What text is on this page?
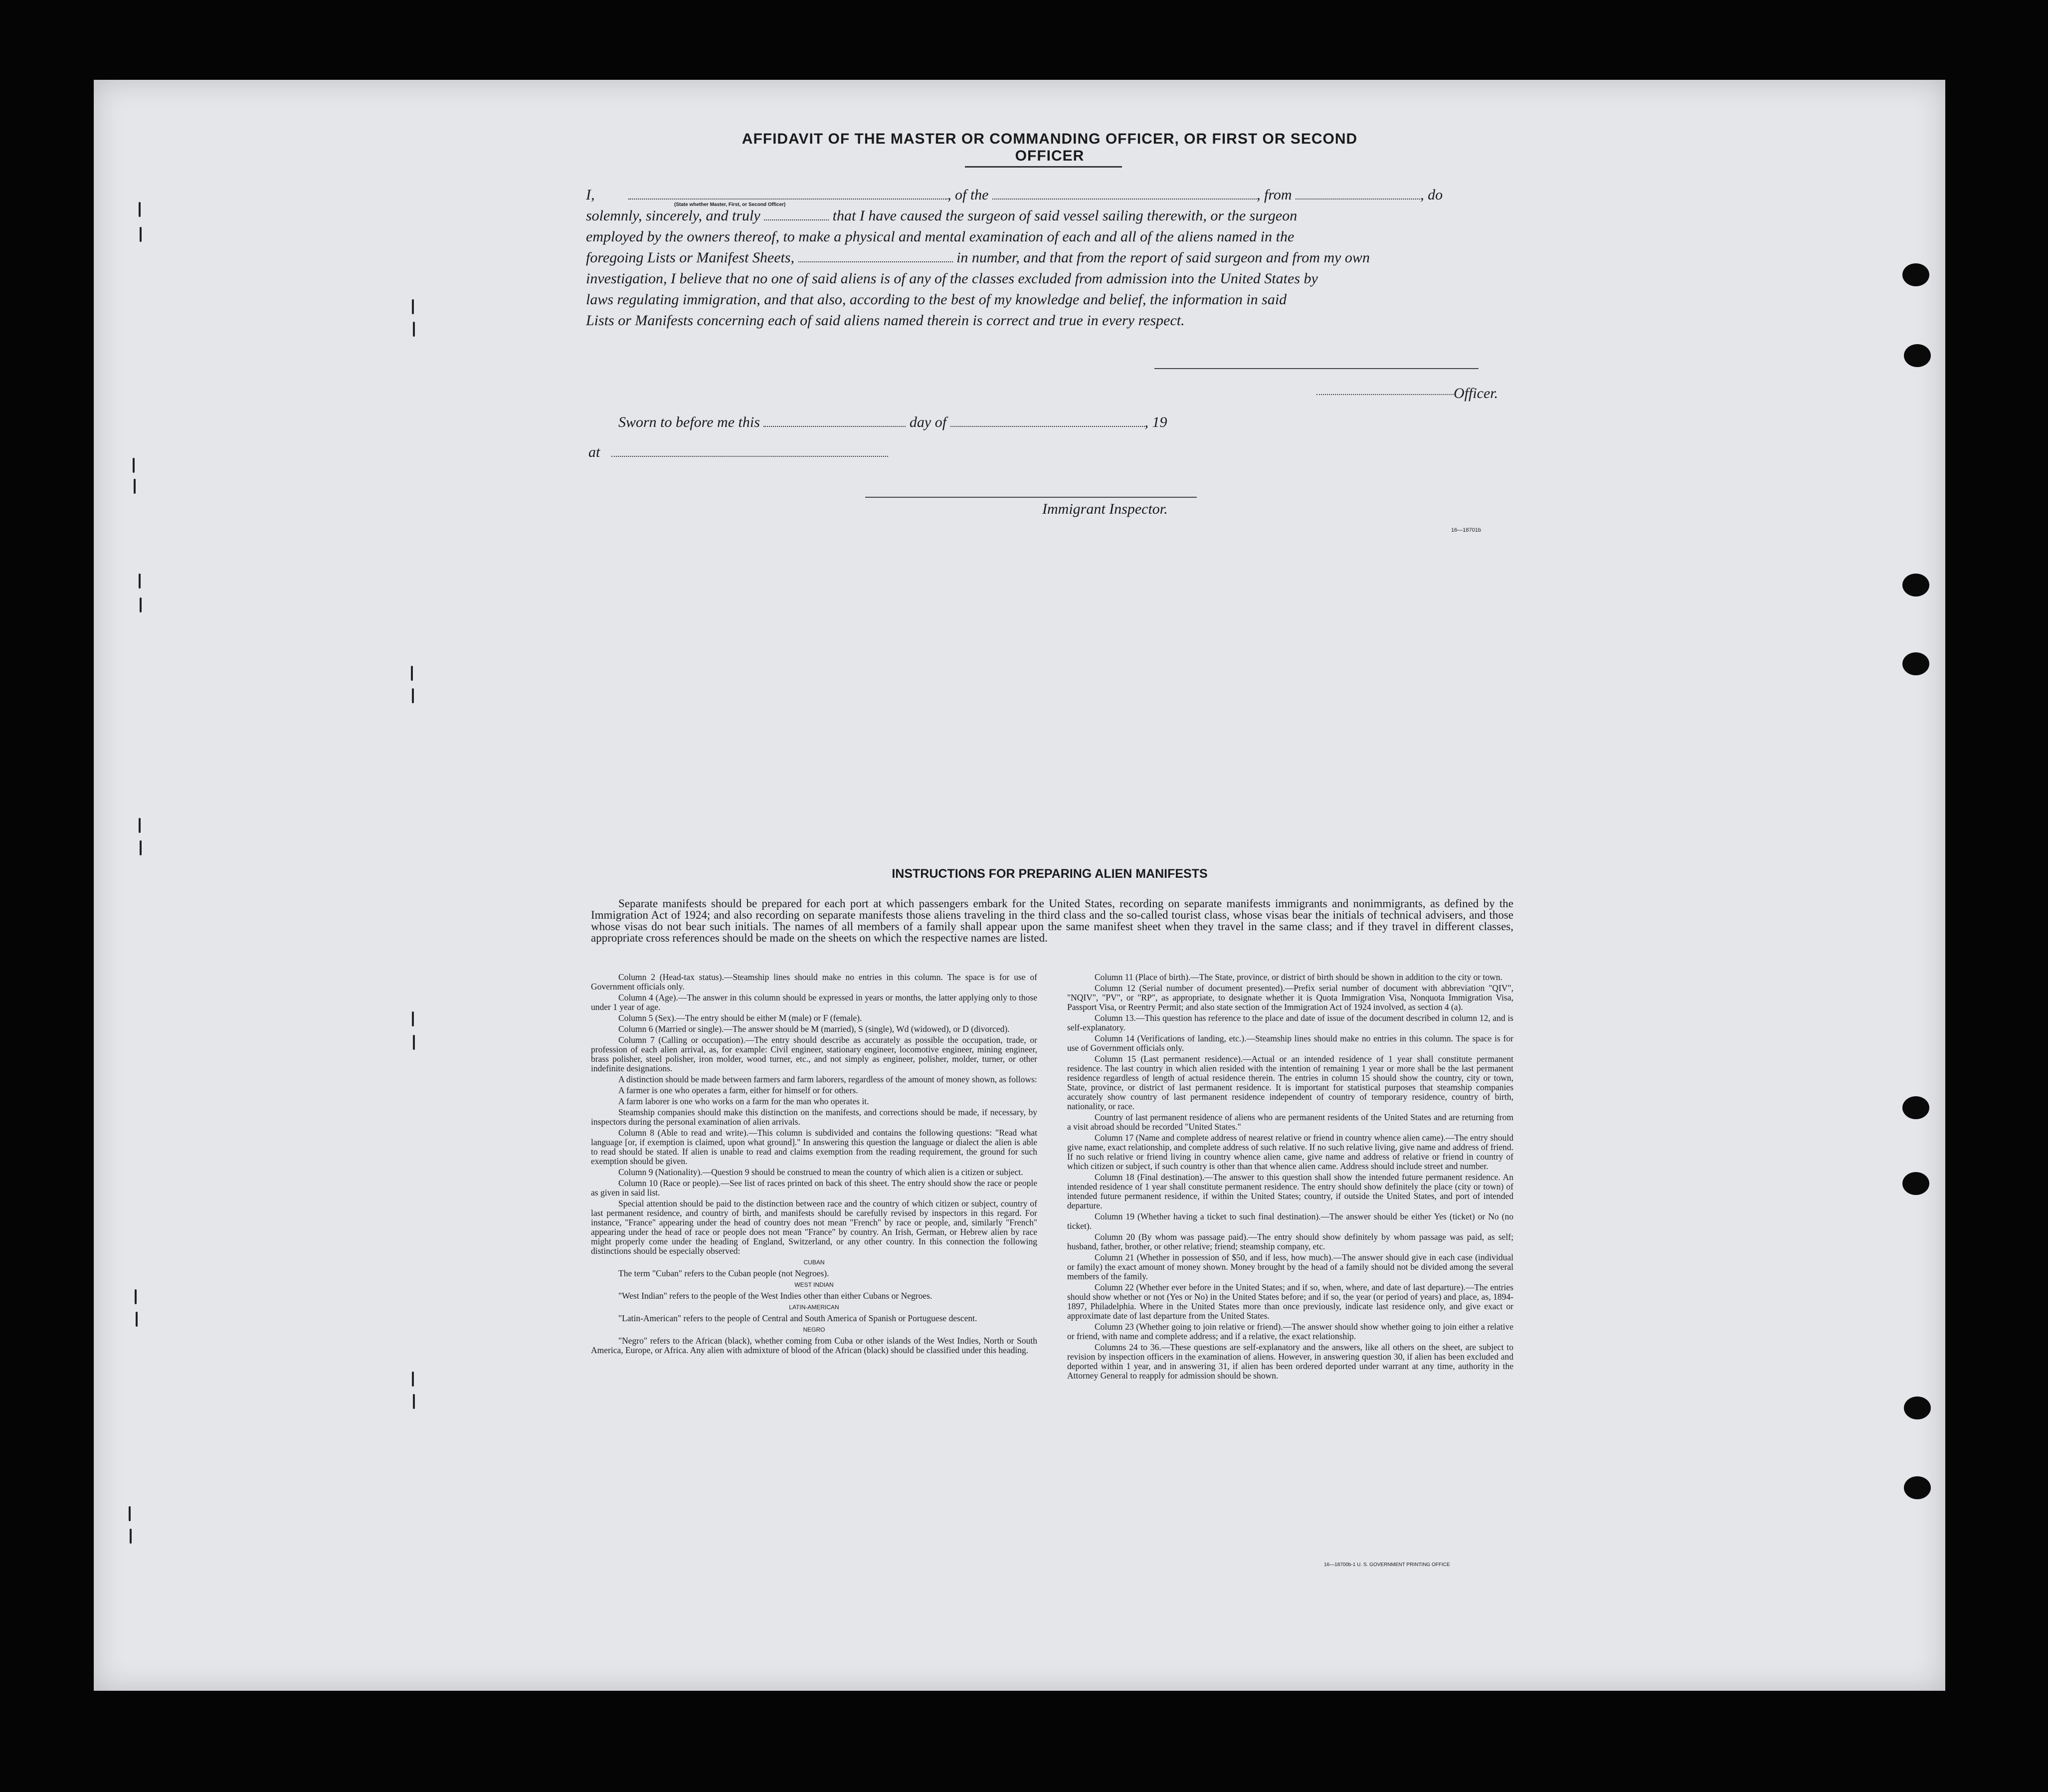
AFFIDAVIT OF THE MASTER OR COMMANDING OFFICER, OR FIRST OR SECOND OFFICER

I,	, of the	, from	, do

solemnly, sincerely, and truly	that I have caused the surgeon of said vessel sailing therewith, or the surgeon

employed by the owners thereof, to make a physical and mental examination of each and all of the aliens named in the

foregoing Lists or Manifest Sheets,	in number, and that from the report of said surgeon and from my own

investigation, I believe that no one of said aliens is of any of the classes excluded from admission into the United States by

laws regulating immigration, and that also, according to the best of my knowledge and belief, the information in said

Lists or Manifests concerning each of said aliens named therein is correct and true in every respect.

(State whether Master, First, or Second Officer)
Officer.
Sworn to before me this	day of	, 19
at
Immigrant Inspector.
16—18701b
INSTRUCTIONS FOR PREPARING ALIEN MANIFESTS
Separate manifests should be prepared for each port at which passengers embark for the United States, recording on separate manifests immigrants and nonimmigrants, as defined by the Immigration Act of 1924; and also recording on separate manifests those aliens traveling in the third class and the so-called tourist class, whose visas bear the initials of technical advisers, and those whose visas do not bear such initials. The names of all members of a family shall appear upon the same manifest sheet when they travel in the same class; and if they travel in different classes, appropriate cross references should be made on the sheets on which the respective names are listed.

Column 2 (Head-tax status).—Steamship lines should make no entries in this column. The space is for use of Government officials only.

Column 4 (Age).—The answer in this column should be expressed in years or months, the latter applying only to those under 1 year of age.

Column 5 (Sex).—The entry should be either M (male) or F (female).

Column 6 (Married or single).—The answer should be M (married), S (single), Wd (widowed), or D (divorced).

Column 7 (Calling or occupation).—The entry should describe as accurately as possible the occupation, trade, or profession of each alien arrival, as, for example: Civil engineer, stationary engineer, locomotive engineer, mining engineer, brass polisher, steel polisher, iron molder, wood turner, etc., and not simply as engineer, polisher, molder, turner, or other indefinite designations.

A distinction should be made between farmers and farm laborers, regardless of the amount of money shown, as follows:

A farmer is one who operates a farm, either for himself or for others.

A farm laborer is one who works on a farm for the man who operates it.

Steamship companies should make this distinction on the manifests, and corrections should be made, if necessary, by inspectors during the personal examination of alien arrivals.

Column 8 (Able to read and write).—This column is subdivided and contains the following questions: "Read what language [or, if exemption is claimed, upon what ground]." In answering this question the language or dialect the alien is able to read should be stated. If alien is unable to read and claims exemption from the reading requirement, the ground for such exemption should be given.

Column 9 (Nationality).—Question 9 should be construed to mean the country of which alien is a citizen or subject.

Column 10 (Race or people).—See list of races printed on back of this sheet. The entry should show the race or people as given in said list.

Special attention should be paid to the distinction between race and the country of which citizen or subject, country of last permanent residence, and country of birth, and manifests should be carefully revised by inspectors in this regard. For instance, "France" appearing under the head of country does not mean "French" by race or people, and, similarly "French" appearing under the head of race or people does not mean "France" by country. An Irish, German, or Hebrew alien by race might properly come under the heading of England, Switzerland, or any other country. In this connection the following distinctions should be especially observed:

CUBAN

The term "Cuban" refers to the Cuban people (not Negroes).

WEST INDIAN

"West Indian" refers to the people of the West Indies other than either Cubans or Negroes.

LATIN-AMERICAN

"Latin-American" refers to the people of Central and South America of Spanish or Portuguese descent.

NEGRO

"Negro" refers to the African (black), whether coming from Cuba or other islands of the West Indies, North or South America, Europe, or Africa. Any alien with admixture of blood of the African (black) should be classified under this heading.

Column 11 (Place of birth).—The State, province, or district of birth should be shown in addition to the city or town.

Column 12 (Serial number of document presented).—Prefix serial number of document with abbreviation "QIV", "NQIV", "PV", or "RP", as appropriate, to designate whether it is Quota Immigration Visa, Nonquota Immigration Visa, Passport Visa, or Reentry Permit; and also state section of the Immigration Act of 1924 involved, as section 4 (a).

Column 13.—This question has reference to the place and date of issue of the document described in column 12, and is self-explanatory.

Column 14 (Verifications of landing, etc.).—Steamship lines should make no entries in this column. The space is for use of Government officials only.

Column 15 (Last permanent residence).—Actual or an intended residence of 1 year shall constitute permanent residence. The last country in which alien resided with the intention of remaining 1 year or more shall be the last permanent residence regardless of length of actual residence therein. The entries in column 15 should show the country, city or town, State, province, or district of last permanent residence. It is important for statistical purposes that steamship companies accurately show country of last permanent residence independent of country of temporary residence, country of birth, nationality, or race.

Country of last permanent residence of aliens who are permanent residents of the United States and are returning from a visit abroad should be recorded "United States."

Column 17 (Name and complete address of nearest relative or friend in country whence alien came).—The entry should give name, exact relationship, and complete address of such relative. If no such relative living, give name and address of friend. If no such relative or friend living in country whence alien came, give name and address of relative or friend in country of which citizen or subject, if such country is other than that whence alien came. Address should include street and number.

Column 18 (Final destination).—The answer to this question shall show the intended future permanent residence. An intended residence of 1 year shall constitute permanent residence. The entry should show definitely the place (city or town) of intended future permanent residence, if within the United States; country, if outside the United States, and port of intended departure.

Column 19 (Whether having a ticket to such final destination).—The answer should be either Yes (ticket) or No (no ticket).

Column 20 (By whom was passage paid).—The entry should show definitely by whom passage was paid, as self; husband, father, brother, or other relative; friend; steamship company, etc.

Column 21 (Whether in possession of $50, and if less, how much).—The answer should give in each case (individual or family) the exact amount of money shown. Money brought by the head of a family should not be divided among the several members of the family.

Column 22 (Whether ever before in the United States; and if so, when, where, and date of last departure).—The entries should show whether or not (Yes or No) in the United States before; and if so, the year (or period of years) and place, as, 1894-1897, Philadelphia. Where in the United States more than once previously, indicate last residence only, and give exact or approximate date of last departure from the United States.

Column 23 (Whether going to join relative or friend).—The answer should show whether going to join either a relative or friend, with name and complete address; and if a relative, the exact relationship.

Columns 24 to 36.—These questions are self-explanatory and the answers, like all others on the sheet, are subject to revision by inspection officers in the examination of aliens. However, in answering question 30, if alien has been excluded and deported within 1 year, and in answering 31, if alien has been ordered deported under warrant at any time, authority in the Attorney General to reapply for admission should be shown.

16—18700b-1 U. S. GOVERNMENT PRINTING OFFICE
